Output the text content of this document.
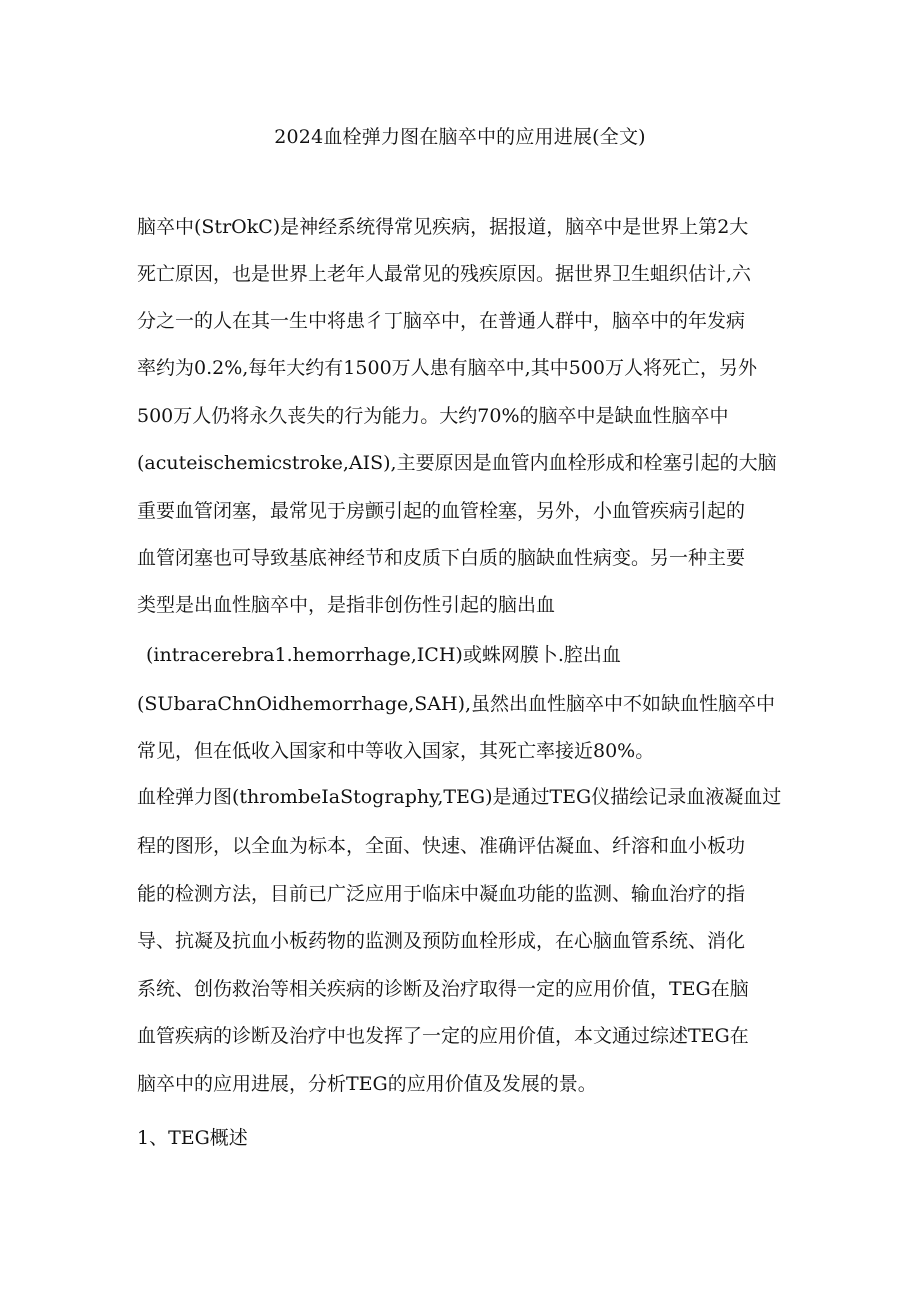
2024血栓弹力图在脑卒中的应用进展(全文)
脑卒中(StrOkC)是神经系统得常见疾病，据报道，脑卒中是世界上第2大
死亡原因，也是世界上老年人最常见的残疾原因。据世界卫生蛆织估计,六
分之一的人在其一生中将患彳丁脑卒中，在普通人群中，脑卒中的年发病
率约为0.2%,每年大约有1500万人患有脑卒中,其中500万人将死亡，另外
500万人仍将永久丧失的行为能力。大约70%的脑卒中是缺血性脑卒中
(acuteischemicstroke,AIS),主要原因是血管内血栓形成和栓塞引起的大脑
重要血管闭塞，最常见于房颤引起的血管栓塞，另外，小血管疾病引起的
血管闭塞也可导致基底神经节和皮质下白质的脑缺血性病变。另一种主要
类型是出血性脑卒中，是指非创伤性引起的脑出血
(intracerebra1.hemorrhage,ICH)或蛛网膜卜.腔出血
(SUbaraChnOidhemorrhage,SAH),虽然出血性脑卒中不如缺血性脑卒中
常见，但在低收入国家和中等收入国家，其死亡率接近80%。
血栓弹力图(thrombeIaStography,TEG)是通过TEG仪描绘记录血液凝血过
程的图形，以全血为标本，全面、快速、准确评估凝血、纤溶和血小板功
能的检测方法，目前已广泛应用于临床中凝血功能的监测、输血治疗的指
导、抗凝及抗血小板药物的监测及预防血栓形成，在心脑血管系统、消化
系统、创伤救治等相关疾病的诊断及治疗取得一定的应用价值，TEG在脑
血管疾病的诊断及治疗中也发挥了一定的应用价值，本文通过综述TEG在
脑卒中的应用进展，分析TEG的应用价值及发展的景。
1、TEG概述
